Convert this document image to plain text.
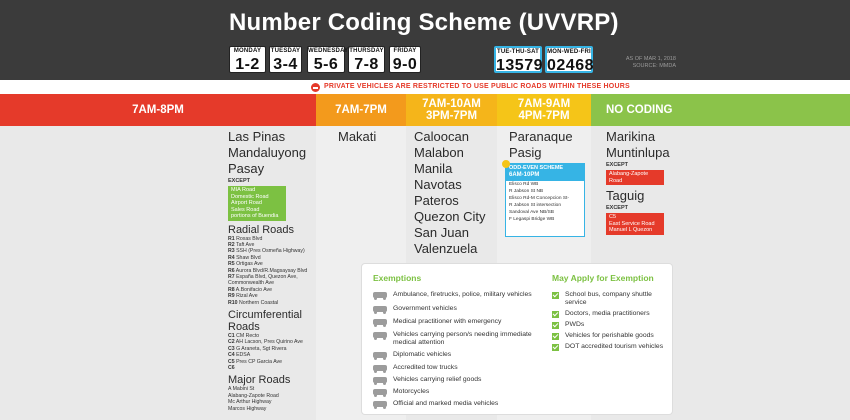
Number Coding Scheme (UVVRP)
MONDAY
1-2
TUESDAY
3-4
WEDNESDAY
5-6
THURSDAY
7-8
FRIDAY
9-0
TUE-THU-SAT
13579
MON-WED-FRI
02468	AS OF MAR 1, 2018
SOURCE: MMDA
PRIVATE VEHICLES ARE RESTRICTED TO USE PUBLIC ROADS WITHIN THESE HOURS
7AM-8PM	7AM-7PM	7AM-10AM
3PM-7PM
7AM-9AM
4PM-7PM	NO CODING
Las Pinas
Mandaluyong
Pasay
EXCEPT
MIA Road
Domestic Road
Airport Road
Sales Road
portions of Buendia
Radial Roads
R1 Roxas Blvd
R2 Taft Ave
R3 SSH (Pres Osmeña Highway)
R4 Shaw Blvd
R5 Ortigas Ave
R6 Aurora Blvd/R.Magsaysay Blvd
R7 España Blvd, Quezon Ave,
Commonwealth Ave
R8 A.Bonifacio Ave
R9 Rizal Ave
R10 Northern Coastal
Circumferential Roads
C1 CM Recto
C2 AH Lacson, Pres Quirino Ave
C3 G Araneta, Sgt Rivera
C4 EDSA
C5 Pres CP Garcia Ave
C6
Major Roads
A Mabini St
Alabang-Zapote Road
Mc Arthur Highway
Marcos Highway
Makati	Caloocan
Malabon
Manila
Navotas
Pateros
Quezon City
San Juan
Valenzuela
Paranaque
Pasig
ODD-EVEN SCHEME
6AM-10PM
Elisco Rd WB
R Jabson St NB
Elisco Rd-M Concepcion St-
R Jabson St intersection
Sandoval Ave NB/SB
F Legaspi Bridge WB
Marikina
Muntinlupa
EXCEPT
Alabang-Zapote Road
Taguig
EXCEPT
C5
East Service Road
Manuel L Quezon
Exemptions	May Apply for Exemption
Ambulance, firetrucks, police, military vehicles
Government vehicles
Medical practitioner with emergency
Vehicles carrying person/s needing immediate medical attention
Diplomatic vehicles
Accredited tow trucks
Vehicles carrying relief goods
Motorcycles
Official and marked media vehicles
School bus, company shuttle service
Doctors, media practitioners
PWDs
Vehicles for perishable goods
DOT accredited tourism vehicles
